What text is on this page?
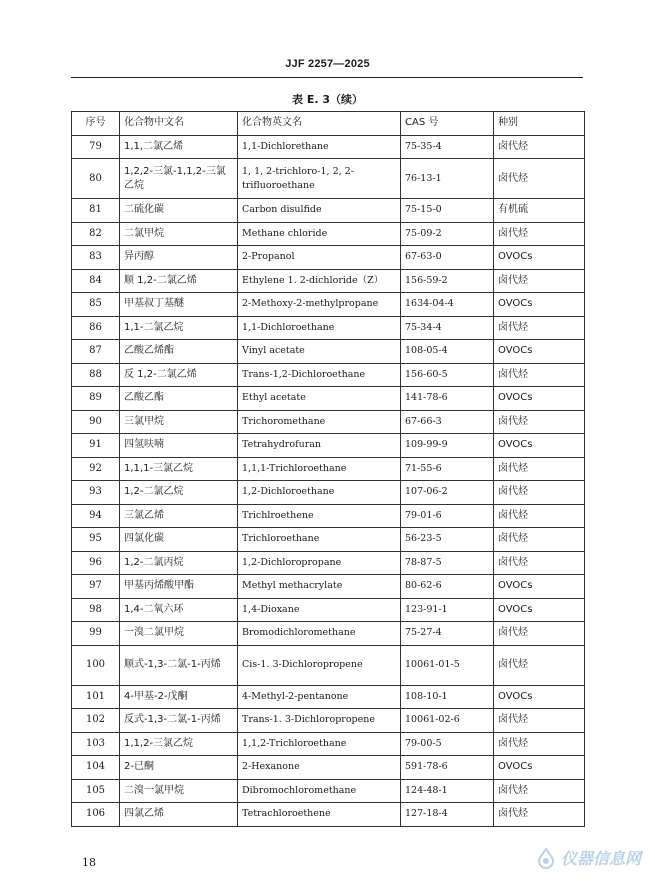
JJF 2257—2025
表 E. 3（续）
序号	化合物中文名	化合物英文名	CAS 号	种别
79	1,1,二氯乙烯	1,1-Dichlorethane	75-35-4	卤代烃
80	1,2,2-三氯-1,1,2-三氯乙烷	1, 1, 2-trichloro-1, 2, 2-trifluoroethane	76-13-1	卤代烃
81	二硫化碳	Carbon disulfide	75-15-0	有机硫
82	二氯甲烷	Methane chloride	75-09-2	卤代烃
83	异丙醇	2-Propanol	67-63-0	OVOCs
84	顺 1,2-二氯乙烯	Ethylene 1. 2-dichloride（Z）	156-59-2	卤代烃
85	甲基叔丁基醚	2-Methoxy-2-methylpropane	1634-04-4	OVOCs
86	1,1-二氯乙烷	1,1-Dichloroethane	75-34-4	卤代烃
87	乙酸乙烯酯	Vinyl acetate	108-05-4	OVOCs
88	反 1,2-二氯乙烯	Trans-1,2-Dichloroethane	156-60-5	卤代烃
89	乙酸乙酯	Ethyl acetate	141-78-6	OVOCs
90	三氯甲烷	Trichoromethane	67-66-3	卤代烃
91	四氢呋喃	Tetrahydrofuran	109-99-9	OVOCs
92	1,1,1-三氯乙烷	1,1,1-Trichloroethane	71-55-6	卤代烃
93	1,2-二氯乙烷	1,2-Dichloroethane	107-06-2	卤代烃
94	三氯乙烯	Trichlroethene	79-01-6	卤代烃
95	四氯化碳	Trichloroethane	56-23-5	卤代烃
96	1,2-二氯丙烷	1,2-Dichloropropane	78-87-5	卤代烃
97	甲基丙烯酸甲酯	Methyl methacrylate	80-62-6	OVOCs
98	1,4-二氧六环	1,4-Dioxane	123-91-1	OVOCs
99	一溴二氯甲烷	Bromodichloromethane	75-27-4	卤代烃
100	顺式-1,3-二氯-1-丙烯	Cis-1. 3-Dichloropropene	10061-01-5	卤代烃
101	4-甲基-2-戊酮	4-Methyl-2-pentanone	108-10-1	OVOCs
102	反式-1,3-二氯-1-丙烯	Trans-1. 3-Dichloropropene	10061-02-6	卤代烃
103	1,1,2-三氯乙烷	1,1,2-Trichloroethane	79-00-5	卤代烃
104	2-已酮	2-Hexanone	591-78-6	OVOCs
105	二溴一氯甲烷	Dibromochloromethane	124-48-1	卤代烃
106	四氯乙烯	Tetrachloroethene	127-18-4	卤代烃
18	仪器信息网
